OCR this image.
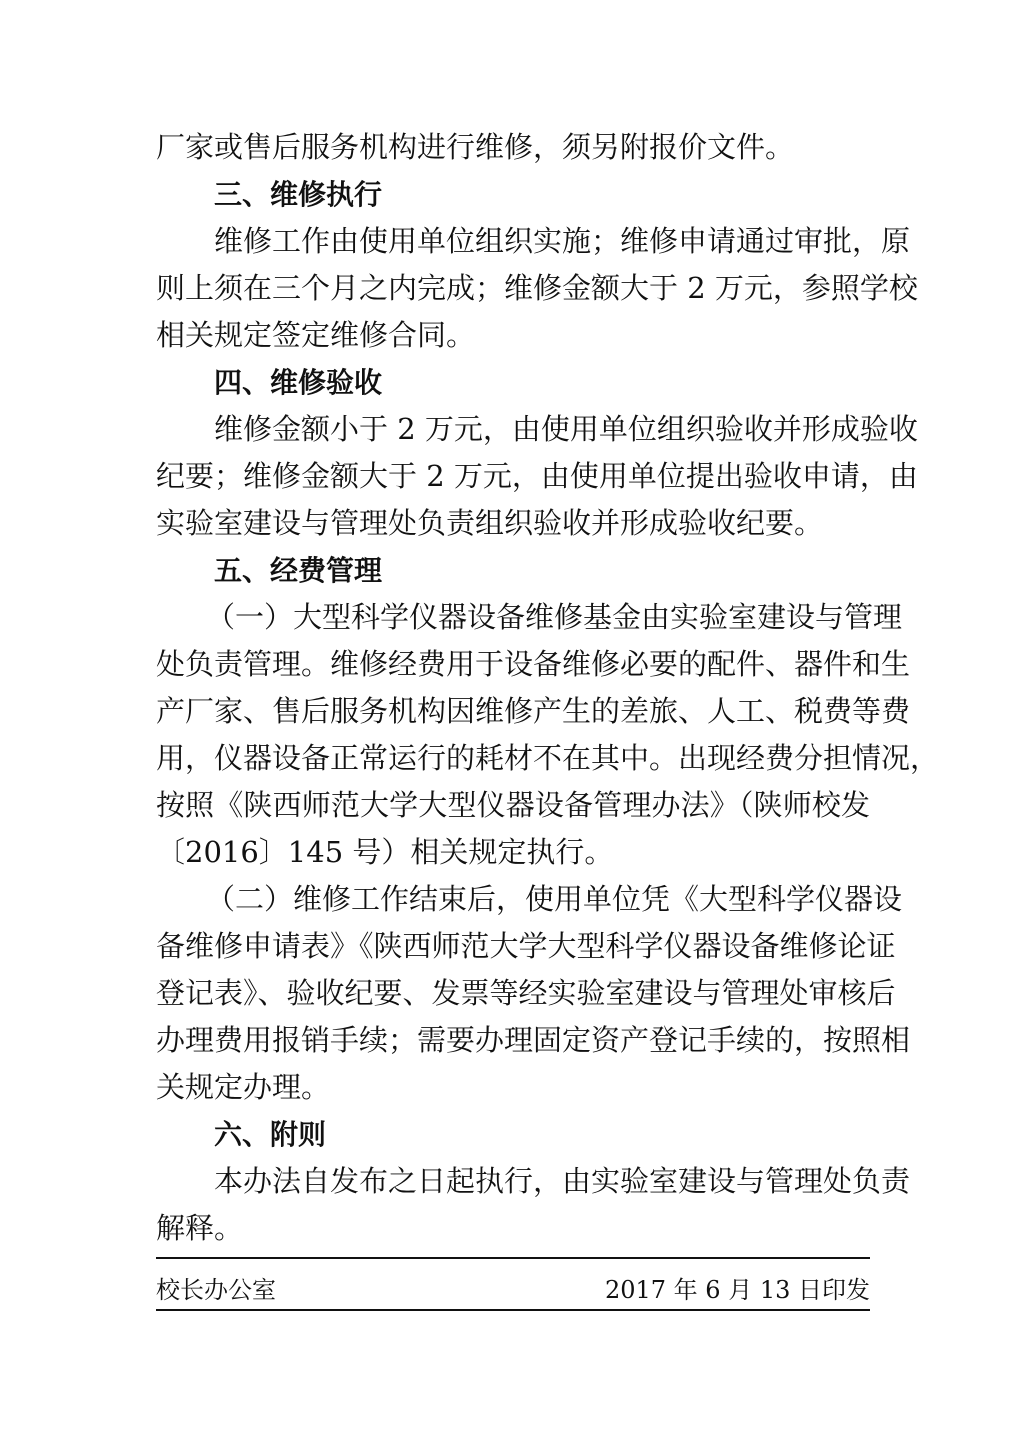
厂家或售后服务机构进行维修，须另附报价文件。
三、维修执行
维修工作由使用单位组织实施；维修申请通过审批，原
则上须在三个月之内完成；维修金额大于 2 万元，参照学校
相关规定签定维修合同。
四、维修验收
维修金额小于 2 万元，由使用单位组织验收并形成验收
纪要；维修金额大于 2 万元，由使用单位提出验收申请，由
实验室建设与管理处负责组织验收并形成验收纪要。
五、经费管理
（一）大型科学仪器设备维修基金由实验室建设与管理
处负责管理。维修经费用于设备维修必要的配件、器件和生
产厂家、售后服务机构因维修产生的差旅、人工、税费等费
用，仪器设备正常运行的耗材不在其中。出现经费分担情况，
按照《陕西师范大学大型仪器设备管理办法》（陕师校发
〔2016〕145 号）相关规定执行。
（二）维修工作结束后，使用单位凭《大型科学仪器设
备维修申请表》《陕西师范大学大型科学仪器设备维修论证
登记表》、验收纪要、发票等经实验室建设与管理处审核后
办理费用报销手续；需要办理固定资产登记手续的，按照相
关规定办理。
六、附则
本办法自发布之日起执行，由实验室建设与管理处负责
解释。
校长办公室	2017 年 6 月 13 日印发
